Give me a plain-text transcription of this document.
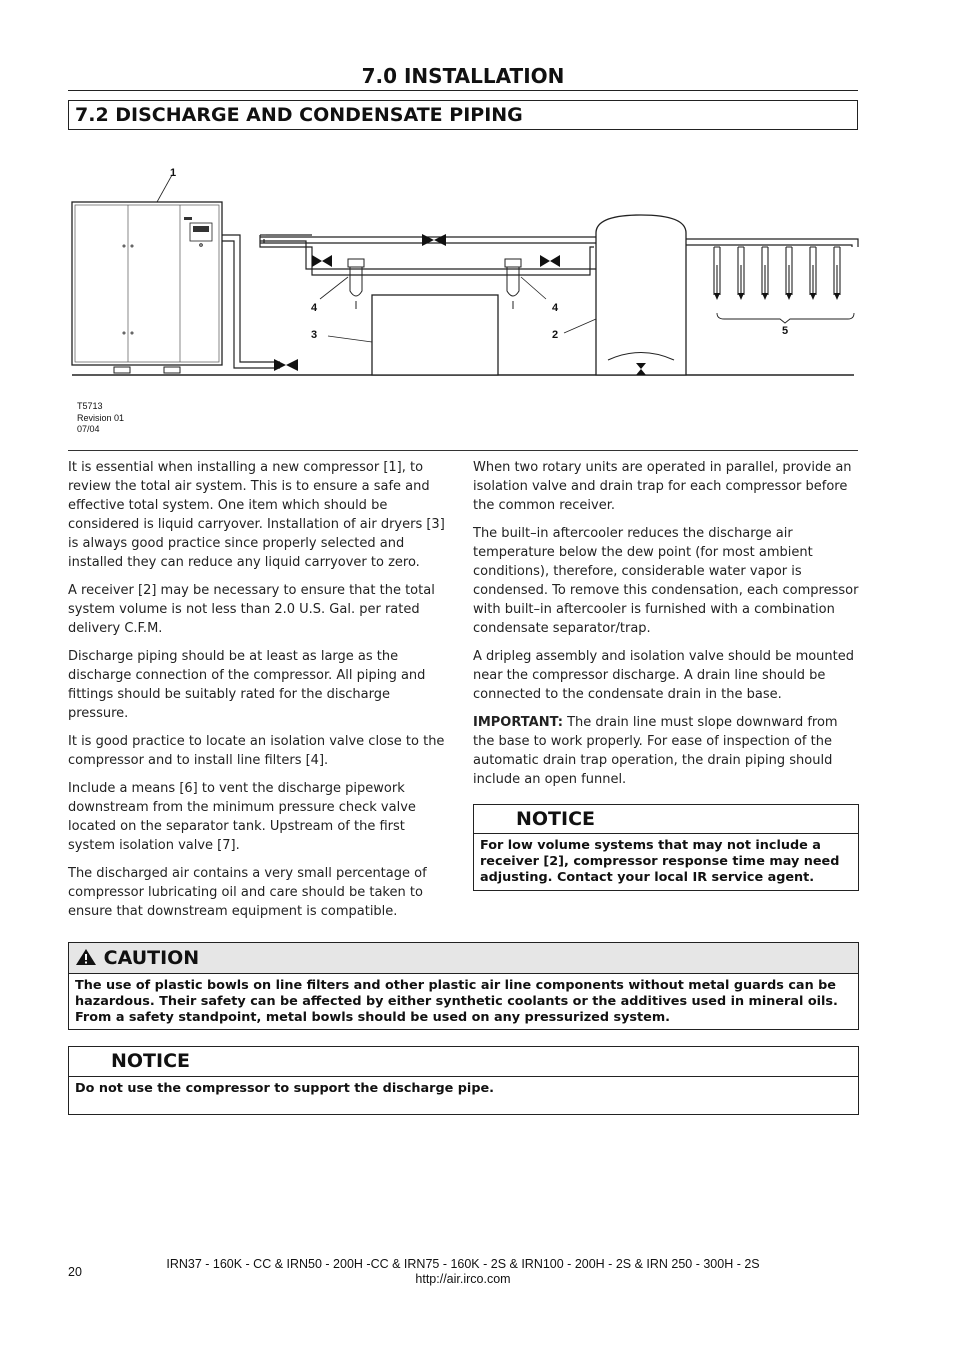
7.0 INSTALLATION
7.2 DISCHARGE AND CONDENSATE PIPING
1
2
3
4	4
5
T5713
Revision 01
07/04

It is essential when installing a new compressor [1], to review the total air system. This is to ensure a safe and effective total system. One item which should be considered is liquid carryover. Installation of air dryers [3] is always good practice since properly selected and installed they can reduce any liquid carryover to zero.

A receiver [2] may be necessary to ensure that the total system volume is not less than 2.0 U.S. Gal. per rated delivery C.F.M.

Discharge piping should be at least as large as the discharge connection of the compressor. All piping and fittings should be suitably rated for the discharge pressure.

It is good practice to locate an isolation valve close to the compressor and to install line filters [4].

Include a means [6] to vent the discharge pipework downstream from the minimum pressure check valve located on the separator tank. Upstream of the first system isolation valve [7].

The discharged air contains a very small percentage of compressor lubricating oil and care should be taken to ensure that downstream equipment is compatible.

When two rotary units are operated in parallel, provide an isolation valve and drain trap for each compressor before the common receiver.

The built–in aftercooler reduces the discharge air temperature below the dew point (for most ambient conditions), therefore, considerable water vapor is condensed. To remove this condensation, each compressor with built–in aftercooler is furnished with a combination condensate separator/trap.

A dripleg assembly and isolation valve should be mounted near the compressor discharge. A drain line should be connected to the condensate drain in the base.

IMPORTANT: The drain line must slope downward from the base to work properly. For ease of inspection of the automatic drain trap operation, the drain piping should include an open funnel.

NOTICE
For low volume systems that may not include a receiver [2], compressor response time may need adjusting. Contact your local IR service agent.
CAUTION
The use of plastic bowls on line filters and other plastic air line components without metal guards can be hazardous. Their safety can be affected by either synthetic coolants or the additives used in mineral oils. From a safety standpoint, metal bowls should be used on any pressurized system.
NOTICE
Do not use the compressor to support the discharge pipe.
20
IRN37 - 160K - CC & IRN50 - 200H -CC & IRN75 - 160K - 2S & IRN100 - 200H - 2S & IRN 250 - 300H - 2S
http://air.irco.com
